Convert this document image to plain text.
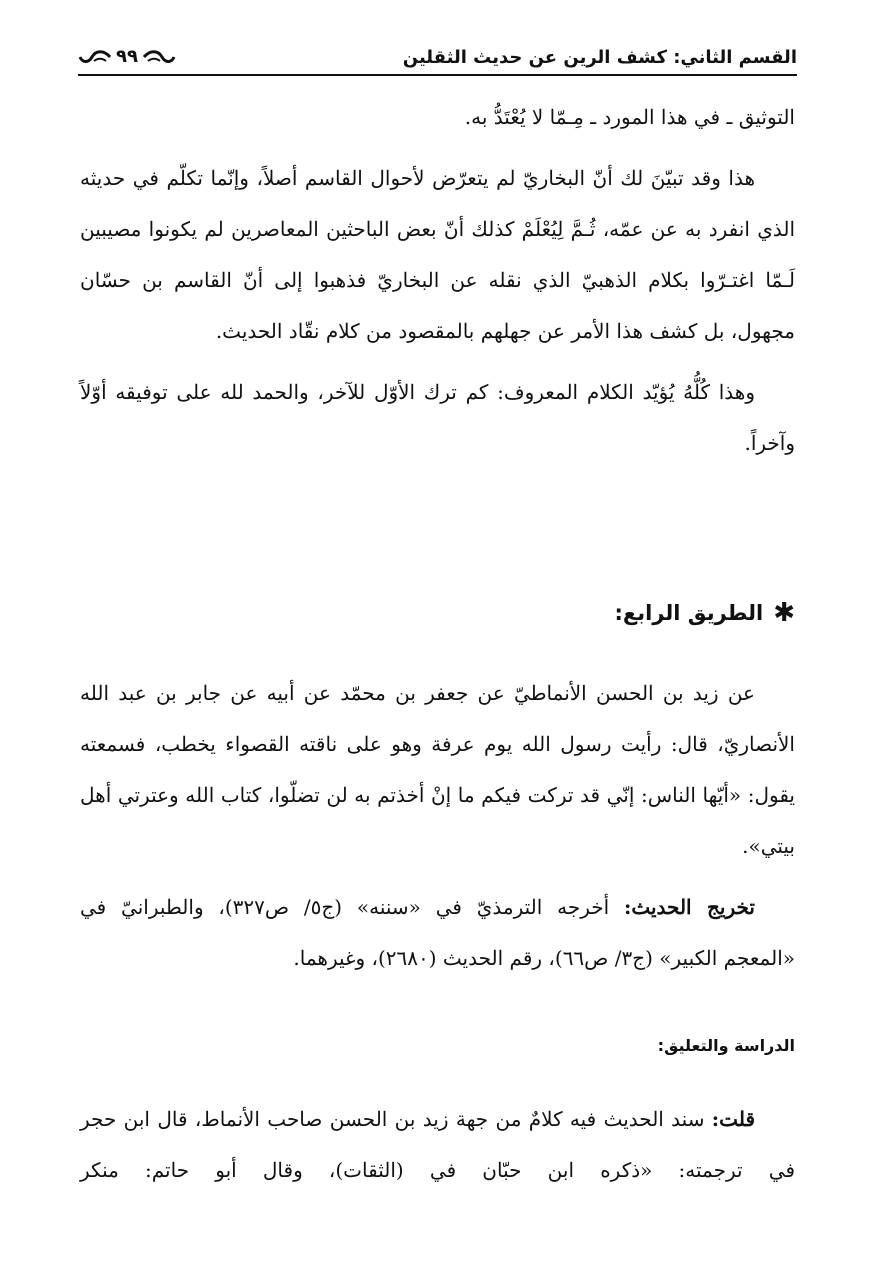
القسم الثاني: كشف الرين عن حديث الثقلين
٩٩

التوثيق ـ في هذا المورد ـ مِـمّا لا يُعْتَدُّ به.

هذا وقد تبيّنَ لك أنّ البخاريّ لم يتعرّض لأحوال القاسم أصلاً، وإنّما تكلّم في حديثه الذي انفرد به عن عمّه، ثُـمَّ لِيُعْلَمْ كذلك أنّ بعض الباحثين المعاصرين لم يكونوا مصيبين لَـمّا اغتـرّوا بكلام الذهبيّ الذي نقله عن البخاريّ فذهبوا إلى أنّ القاسم بن حسّان مجهول، بل كشف هذا الأمر عن جهلهم بالمقصود من كلام نقّاد الحديث.

وهذا كُلُّهُ يُؤيّد الكلام المعروف: كم ترك الأوّل للآخر، والحمد لله على توفيقه أوّلاً وآخراً.

✱
الطريق الرابع:

عن زيد بن الحسن الأنماطيّ عن جعفر بن محمّد عن أبيه عن جابر بن عبد الله الأنصاريّ، قال: رأيت رسول الله يوم عرفة وهو على ناقته القصواء يخطب، فسمعته يقول: «أيّها الناس: إنّي قد تركت فيكم ما إنْ أخذتم به لن تضلّوا، كتاب الله وعترتي أهل بيتي».

تخريج الحديث: أخرجه الترمذيّ في «سننه» (ج٥/ ص٣٢٧)، والطبرانيّ في «المعجم الكبير» (ج٣/ ص٦٦)، رقم الحديث (٢٦٨٠)، وغيرهما.

الدراسة والتعليق:

قلت: سند الحديث فيه كلامٌ من جهة زيد بن الحسن صاحب الأنماط، قال ابن حجر في ترجمته: «ذكره ابن حبّان في (الثقات)، وقال أبو حاتم: منكر
